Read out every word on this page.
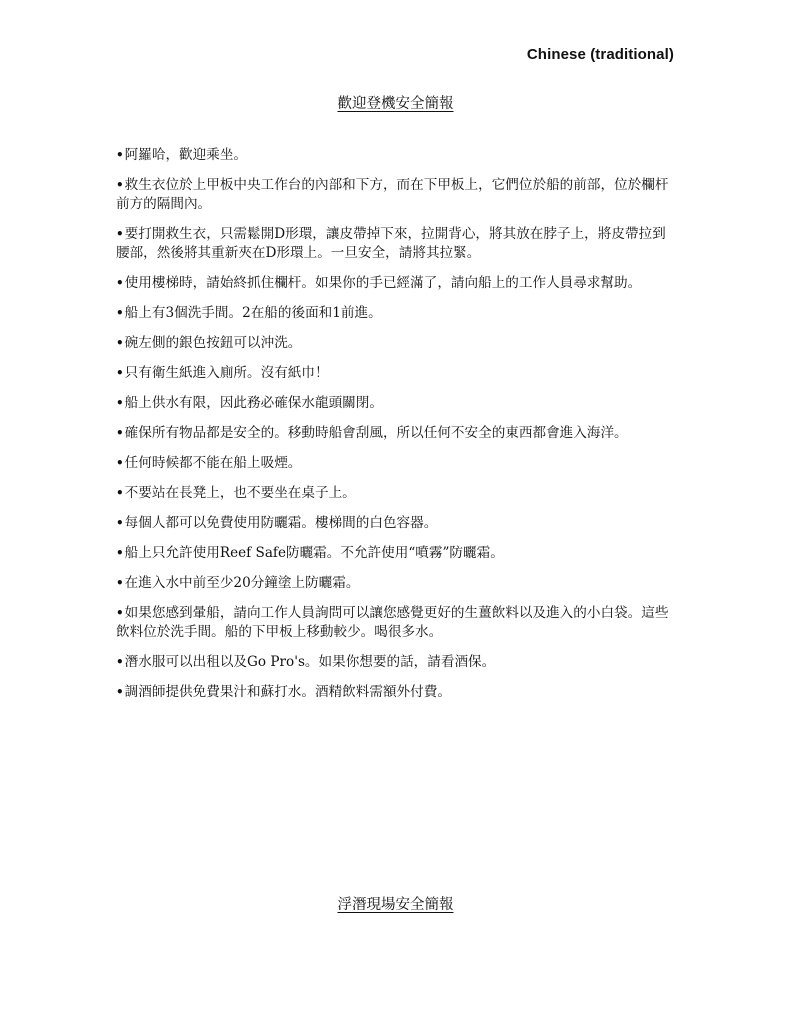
Chinese (traditional)
歡迎登機安全簡報
•阿羅哈，歡迎乘坐。
•救生衣位於上甲板中央工作台的內部和下方，而在下甲板上，它們位於船的前部，位於欄杆前方的隔間內。
•要打開救生衣，只需鬆開D形環，讓皮帶掉下來，拉開背心，將其放在脖子上，將皮帶拉到腰部，然後將其重新夾在D形環上。一旦安全，請將其拉緊。
•使用樓梯時，請始終抓住欄杆。如果你的手已經滿了，請向船上的工作人員尋求幫助。
•船上有3個洗手間。2在船的後面和1前進。
•碗左側的銀色按鈕可以沖洗。
•只有衛生紙進入廁所。沒有紙巾！
•船上供水有限，因此務必確保水龍頭關閉。
•確保所有物品都是安全的。移動時船會刮風，所以任何不安全的東西都會進入海洋。
•任何時候都不能在船上吸煙。
•不要站在長凳上，也不要坐在桌子上。
•每個人都可以免費使用防曬霜。樓梯間的白色容器。
•船上只允許使用Reef Safe防曬霜。不允許使用“噴霧”防曬霜。
•在進入水中前至少20分鐘塗上防曬霜。
•如果您感到暈船，請向工作人員詢問可以讓您感覺更好的生薑飲料以及進入的小白袋。這些飲料位於洗手間。船的下甲板上移動較少。喝很多水。
•潛水服可以出租以及Go Pro's。如果你想要的話，請看酒保。
•調酒師提供免費果汁和蘇打水。酒精飲料需額外付費。
浮潛現場安全簡報
